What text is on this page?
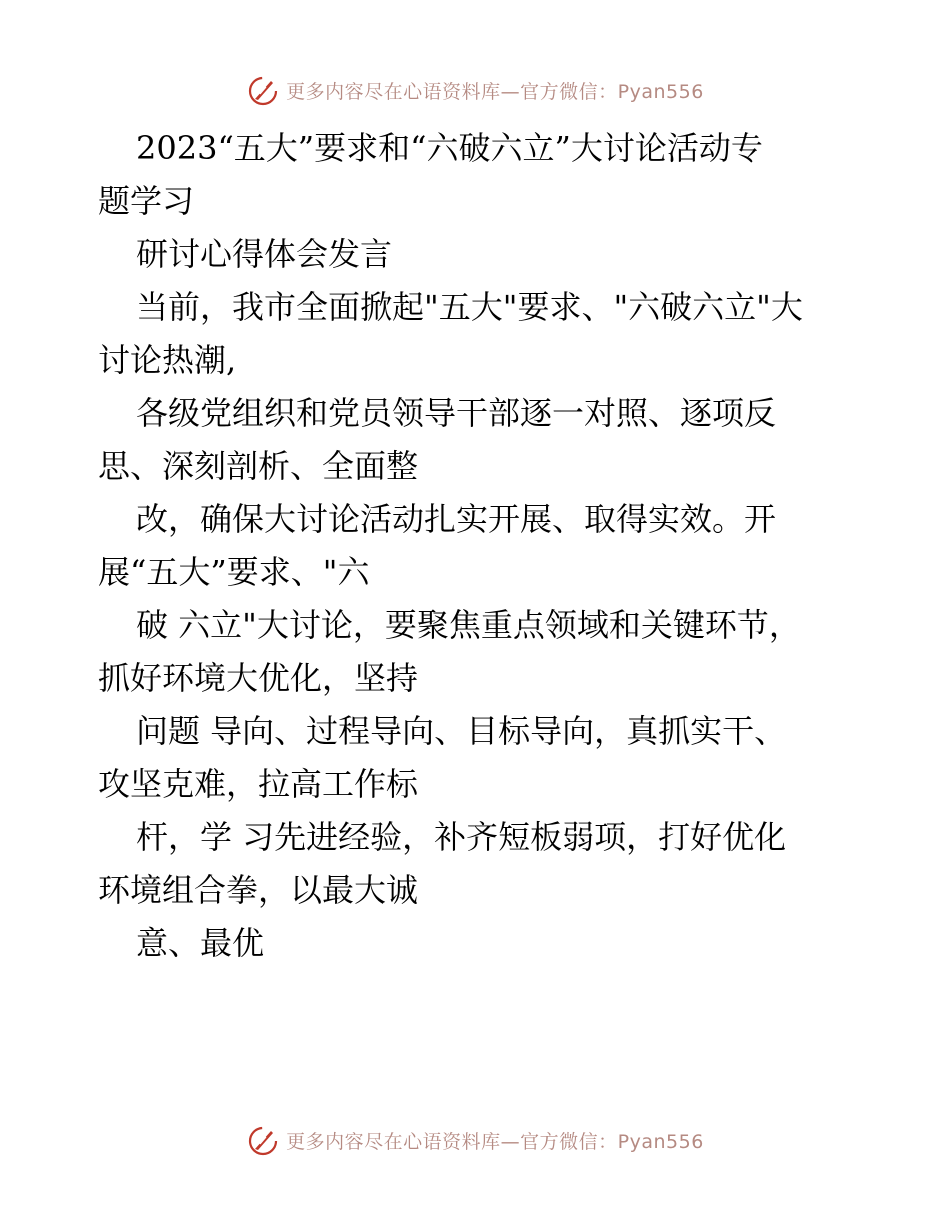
更多内容尽在心语资料库—官方微信：Pyan556

2023“五大”要求和“六破六立”大讨论活动专

题学习

研讨心得体会发言

当前，我市全面掀起"五大"要求、"六破六立"大

讨论热潮,

各级党组织和党员领导干部逐一对照、逐项反

思、深刻剖析、全面整

改，确保大讨论活动扎实开展、取得实效。开

展“五大”要求、"六

破 六立"大讨论，要聚焦重点领域和关键环节，

抓好环境大优化，坚持

问题 导向、过程导向、目标导向，真抓实干、

攻坚克难，拉高工作标

杆，学 习先进经验，补齐短板弱项，打好优化

环境组合拳，以最大诚

意、最优

更多内容尽在心语资料库—官方微信：Pyan556
